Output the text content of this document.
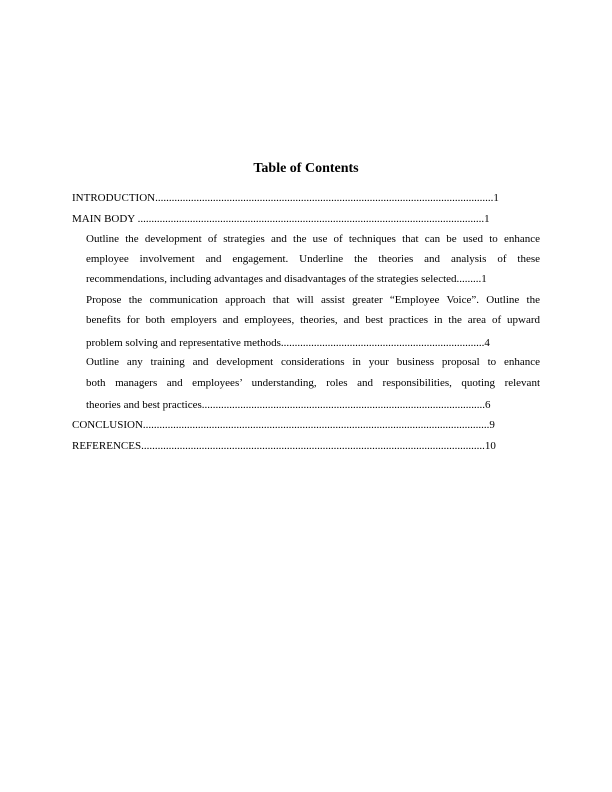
Table of Contents
INTRODUCTION...........................................................................................................................1
MAIN BODY ..............................................................................................................................1
Outline the development of strategies and the use of techniques that can be used to enhance
employee involvement and engagement. Underline the theories and analysis of these
recommendations, including advantages and disadvantages of the strategies selected.........1
Propose the communication approach that will assist greater “Employee Voice”. Outline the
benefits for both employers and employees, theories, and best practices in the area of upward
problem solving and representative methods..........................................................................4
Outline any training and development considerations in your business proposal to enhance
both managers and employees’ understanding, roles and responsibilities, quoting relevant
theories and best practices.......................................................................................................6
CONCLUSION..............................................................................................................................9
REFERENCES.............................................................................................................................10
